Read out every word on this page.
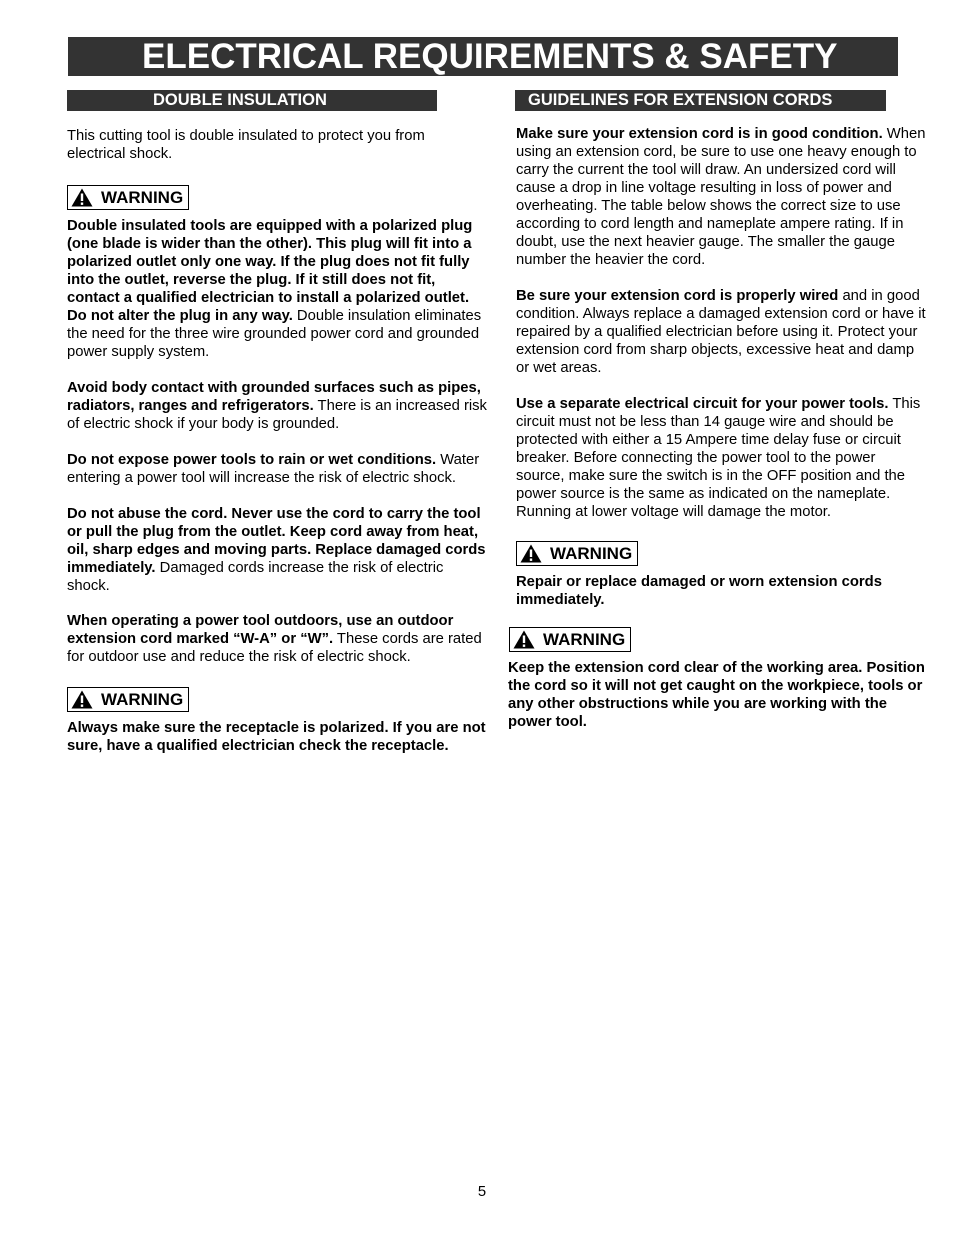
ELECTRICAL REQUIREMENTS & SAFETY
DOUBLE INSULATION	GUIDELINES FOR EXTENSION CORDS

This cutting tool is double insulated to protect you from electrical shock.

WARNING

Double insulated tools are equipped with a polarized plug (one blade is wider than the other). This plug will fit into a polarized outlet only one way. If the plug does not fit fully into the outlet, reverse the plug. If it still does not fit, contact a qualified electrician to install a polarized outlet. Do not alter the plug in any way. Double insulation eliminates the need for the three wire grounded power cord and grounded power supply system.

Avoid body contact with grounded surfaces such as pipes, radiators, ranges and refrigerators. There is an increased risk of electric shock if your body is grounded.

Do not expose power tools to rain or wet conditions. Water entering a power tool will increase the risk of electric shock.

Do not abuse the cord. Never use the cord to carry the tool or pull the plug from the outlet. Keep cord away from heat, oil, sharp edges and moving parts. Replace damaged cords immediately. Damaged cords increase the risk of electric shock.

When operating a power tool outdoors, use an outdoor extension cord marked “W-A” or “W”. These cords are rated for outdoor use and reduce the risk of electric shock.

WARNING

Always make sure the receptacle is polarized. If you are not sure, have a qualified electrician check the receptacle.

Make sure your extension cord is in good condition. When using an extension cord, be sure to use one heavy enough to carry the current the tool will draw. An undersized cord will cause a drop in line voltage resulting in loss of power and overheating. The table below shows the correct size to use according to cord length and nameplate ampere rating. If in doubt, use the next heavier gauge. The smaller the gauge number the heavier the cord.

Be sure your extension cord is properly wired and in good condition. Always replace a damaged extension cord or have it repaired by a qualified electrician before using it. Protect your extension cord from sharp objects, excessive heat and damp or wet areas.

Use a separate electrical circuit for your power tools. This circuit must not be less than 14 gauge wire and should be protected with either a 15 Ampere time delay fuse or circuit breaker. Before connecting the power tool to the power source, make sure the switch is in the OFF position and the power source is the same as indicated on the nameplate. Running at lower voltage will damage the motor.

WARNING

Repair or replace damaged or worn extension cords immediately.

WARNING

Keep the extension cord clear of the working area. Position the cord so it will not get caught on the workpiece, tools or any other obstructions while you are working with the power tool.

5
